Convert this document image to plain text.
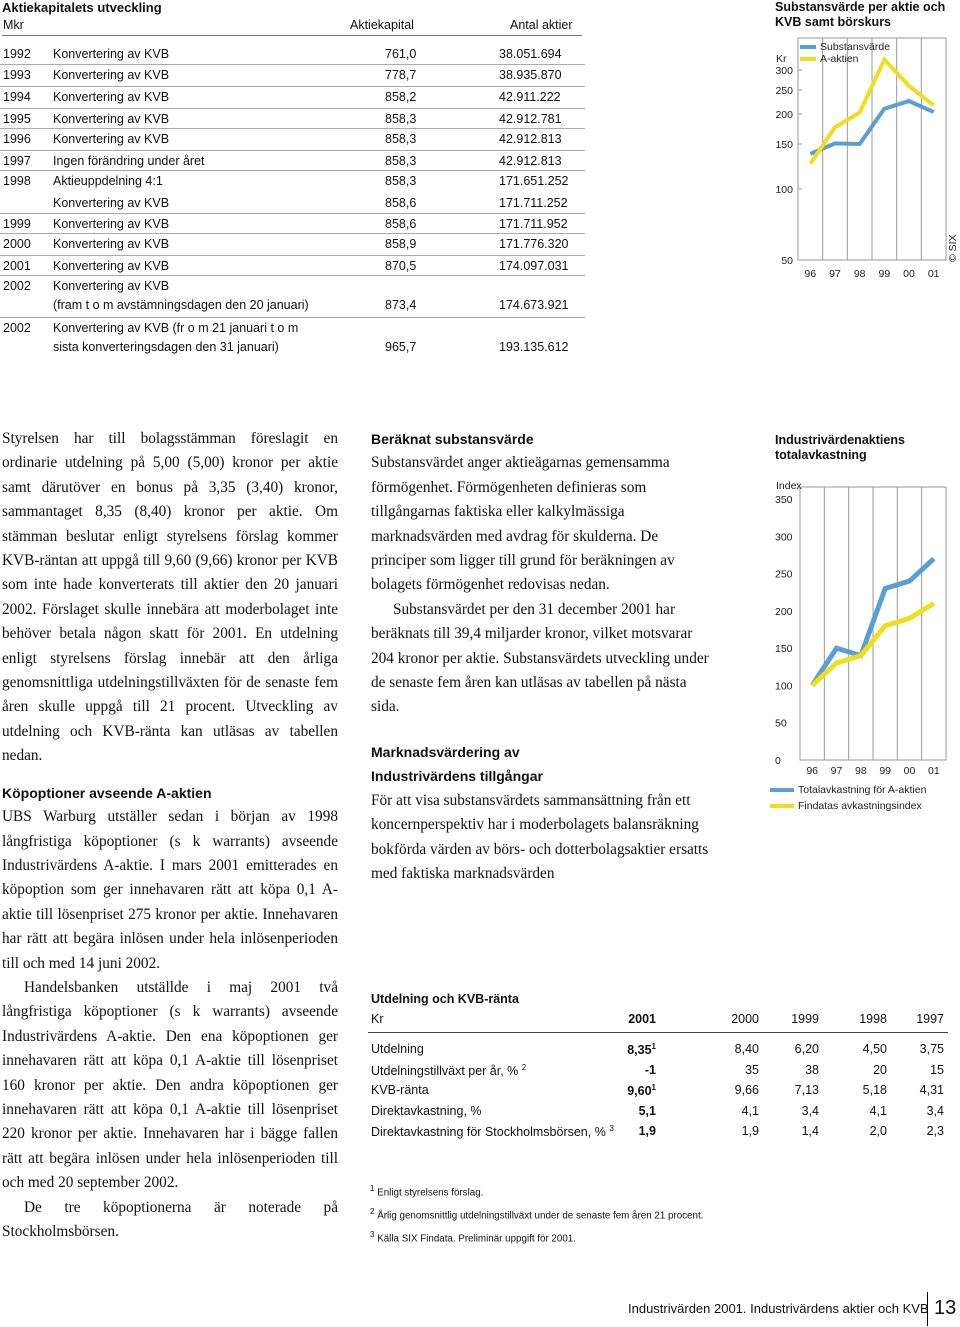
Aktiekapitalets utveckling
Mkr	Aktiekapital	Antal aktier
1992 Konvertering av KVB	761,0	38.051.694
1993 Konvertering av KVB	778,7	38.935.870
1994 Konvertering av KVB	858,2	42.911.222
1995 Konvertering av KVB	858,3	42.912.781
1996 Konvertering av KVB	858,3	42.912.813
1997 Ingen förändring under året	858,3	42.912.813
1998 Aktieuppdelning 4:1	858,3	171.651.252
Konvertering av KVB	858,6	171.711.252
1999 Konvertering av KVB	858,6	171.711.952
2000 Konvertering av KVB	858,9	171.776.320
2001 Konvertering av KVB	870,5	174.097.031
2002 Konvertering av KVB
(fram t o m avstämningsdagen den 20 januari)	873,4	174.673.921
2002 Konvertering av KVB (fr o m 21 januari t o m
sista konverteringsdagen den 31 januari)	965,7	193.135.612
Substansvärde per aktie och KVB samt börskurs
300
250
200
150
100
50
Kr
96 97 98 99 00 01
Substansvärde
A-aktien
© SIX
Industrivärdenaktiens totalavkastning
350
300
250
200
150
100
50
0
Index
96 97 98 99 00 01
Totalavkastning för A-aktien
Findatas avkastningsindex

Styrelsen har till bolagsstämman föreslagit en ordinarie utdelning på 5,00 (5,00) kronor per aktie samt därutöver en bonus på 3,35 (3,40) kronor, sammantaget 8,35 (8,40) kronor per aktie. Om stämman beslutar enligt styrelsens förslag kommer KVB-räntan att uppgå till 9,60 (9,66) kronor per KVB som inte hade konverterats till aktier den 20 januari 2002. Förslaget skulle innebära att moderbolaget inte behöver betala någon skatt för 2001. En utdelning enligt styrelsens förslag innebär att den årliga genomsnittliga utdelningstillväxten för de senaste fem åren skulle uppgå till 21 procent. Utveckling av utdelning och KVB-ränta kan utläsas av tabellen nedan.

Köpoptioner avseende A-aktien

UBS Warburg utställer sedan i början av 1998 långfristiga köpoptioner (s k warrants) avseende Industrivärdens A-aktie. I mars 2001 emitterades en köpoption som ger innehavaren rätt att köpa 0,1 A-aktie till lösenpriset 275 kronor per aktie. Innehavaren har rätt att begära inlösen under hela inlösenperioden till och med 14 juni 2002.

Handelsbanken utställde i maj 2001 två långfristiga köpoptioner (s k warrants) avseende Industrivärdens A-aktie. Den ena köpoptionen ger innehavaren rätt att köpa 0,1 A-aktie till lösenpriset 160 kronor per aktie. Den andra köpoptionen ger innehavaren rätt att köpa 0,1 A-aktie till lösenpriset 220 kronor per aktie. Innehavaren har i bägge fallen rätt att begära inlösen under hela inlösenperioden till och med 20 september 2002.

De tre köpoptionerna är noterade på Stockholmsbörsen.

Beräknat substansvärde

Substansvärdet anger aktieägarnas gemensamma förmögenhet. Förmögenheten definieras som tillgångarnas faktiska eller kalkylmässiga marknadsvärden med avdrag för skulderna. De principer som ligger till grund för beräkningen av bolagets förmögenhet redovisas nedan.

Substansvärdet per den 31 december 2001 har beräknats till 39,4 miljarder kronor, vilket motsvarar 204 kronor per aktie. Substansvärdets utveckling under de senaste fem åren kan utläsas av tabellen på nästa sida.

Marknadsvärdering av
Industrivärdens tillgångar

För att visa substansvärdets sammansättning från ett koncernperspektiv har i moderbolagets balansräkning bokförda värden av börs- och dotterbolagsaktier ersatts med faktiska marknadsvärden

Utdelning och KVB-ränta
Kr	2001	2000	1999	1998	1997
Utdelning	8,35$^1$	8,40	6,20	4,50	3,75
Utdelningstillväxt per år, % $^2$	-1	35	38	20	15
KVB-ränta	9,60$^1$	9,66	7,13	5,18	4,31
Direktavkastning, %	5,1	4,1	3,4	4,1	3,4
Direktavkastning för Stockholmsbörsen, % $^3$	1,9	1,9	1,4	2,0	2,3
$^1$ Enligt styrelsens förslag.
$^2$ Årlig genomsnittlig utdelningstillväxt under de senaste fem åren 21 procent.
$^3$ Källa SIX Findata. Preliminär uppgift för 2001.
Industrivärden 2001. Industrivärdens aktier och KVB 13
